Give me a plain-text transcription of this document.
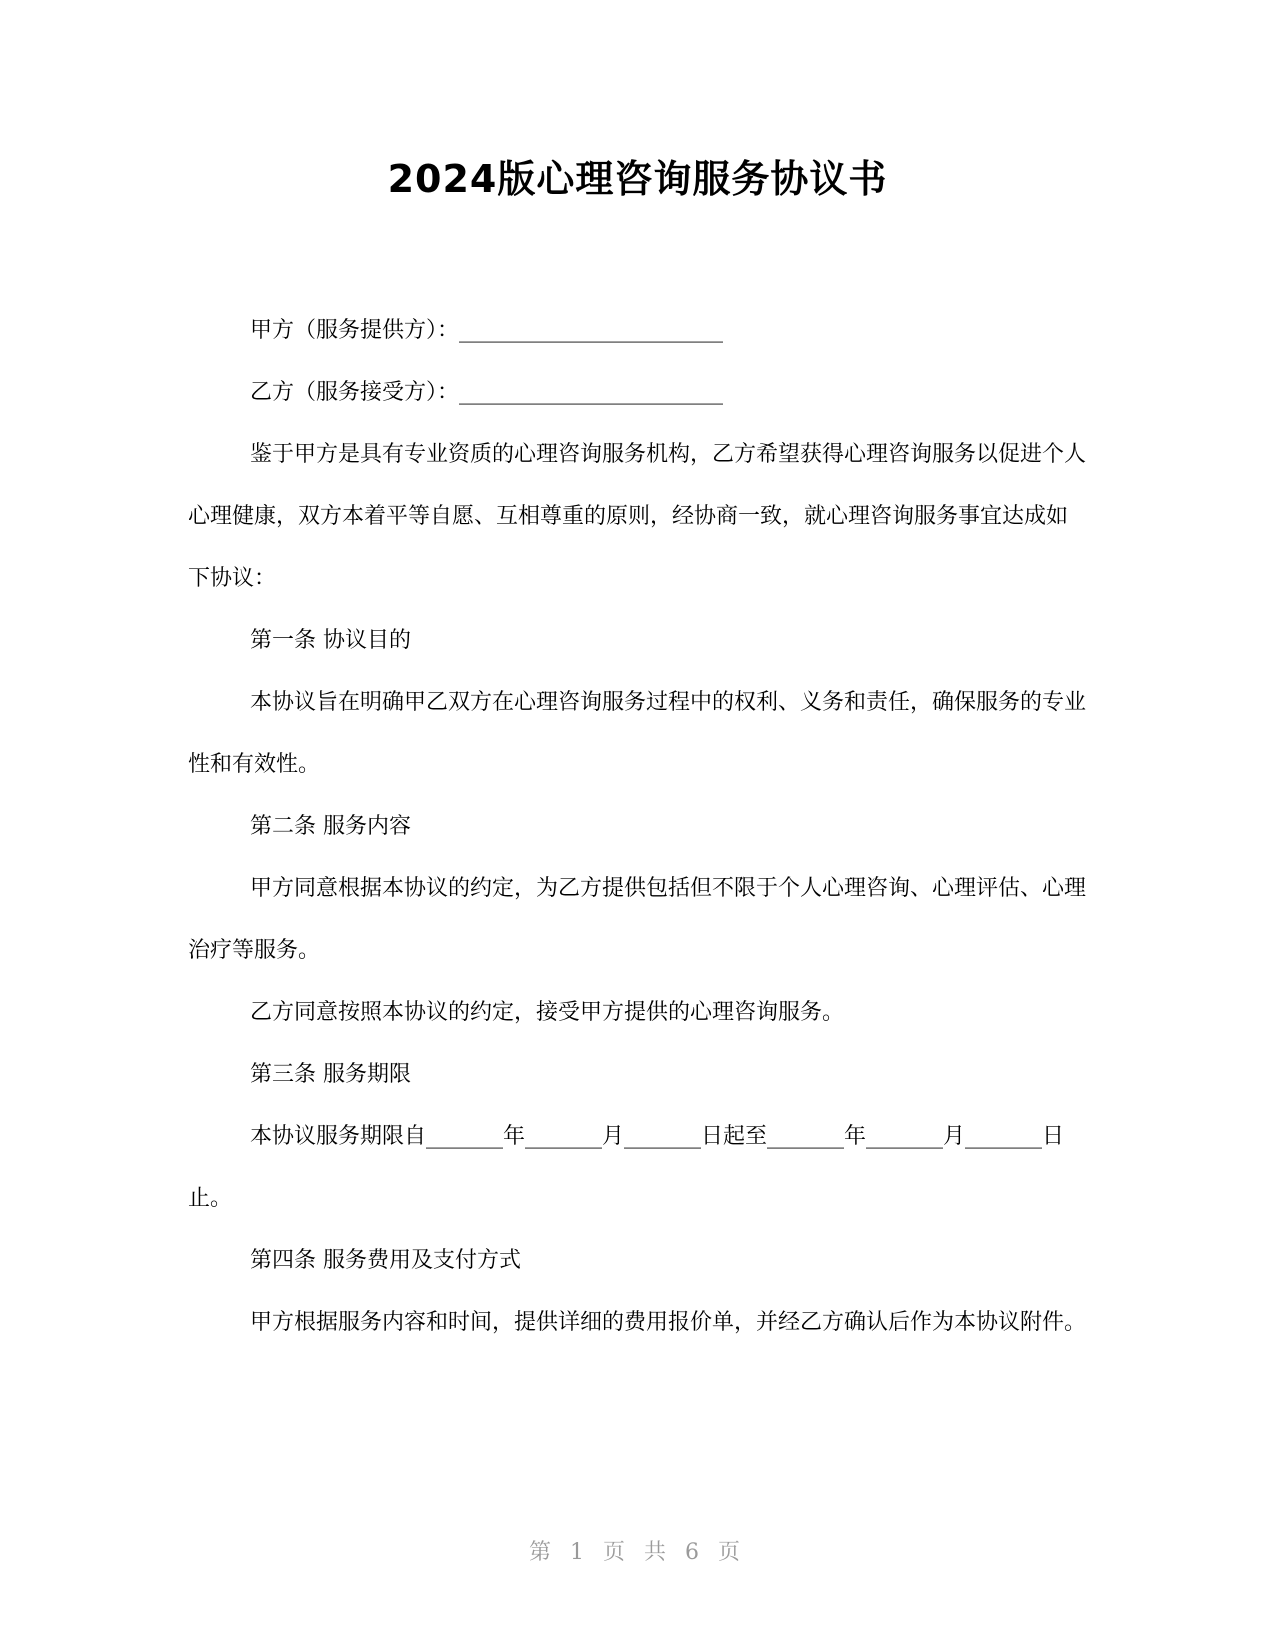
2024版心理咨询服务协议书

甲方（服务提供方）：________________________

乙方（服务接受方）：________________________

鉴于甲方是具有专业资质的心理咨询服务机构，乙方希望获得心理咨询服务以促进个人心理健康，双方本着平等自愿、互相尊重的原则，经协商一致，就心理咨询服务事宜达成如下协议：

第一条 协议目的

本协议旨在明确甲乙双方在心理咨询服务过程中的权利、义务和责任，确保服务的专业性和有效性。

第二条 服务内容

甲方同意根据本协议的约定，为乙方提供包括但不限于个人心理咨询、心理评估、心理治疗等服务。

乙方同意按照本协议的约定，接受甲方提供的心理咨询服务。

第三条 服务期限

本协议服务期限自_______年_______月_______日起至_______年_______月_______日止。

第四条 服务费用及支付方式

甲方根据服务内容和时间，提供详细的费用报价单，并经乙方确认后作为本协议附件。

第 1 页 共 6 页
